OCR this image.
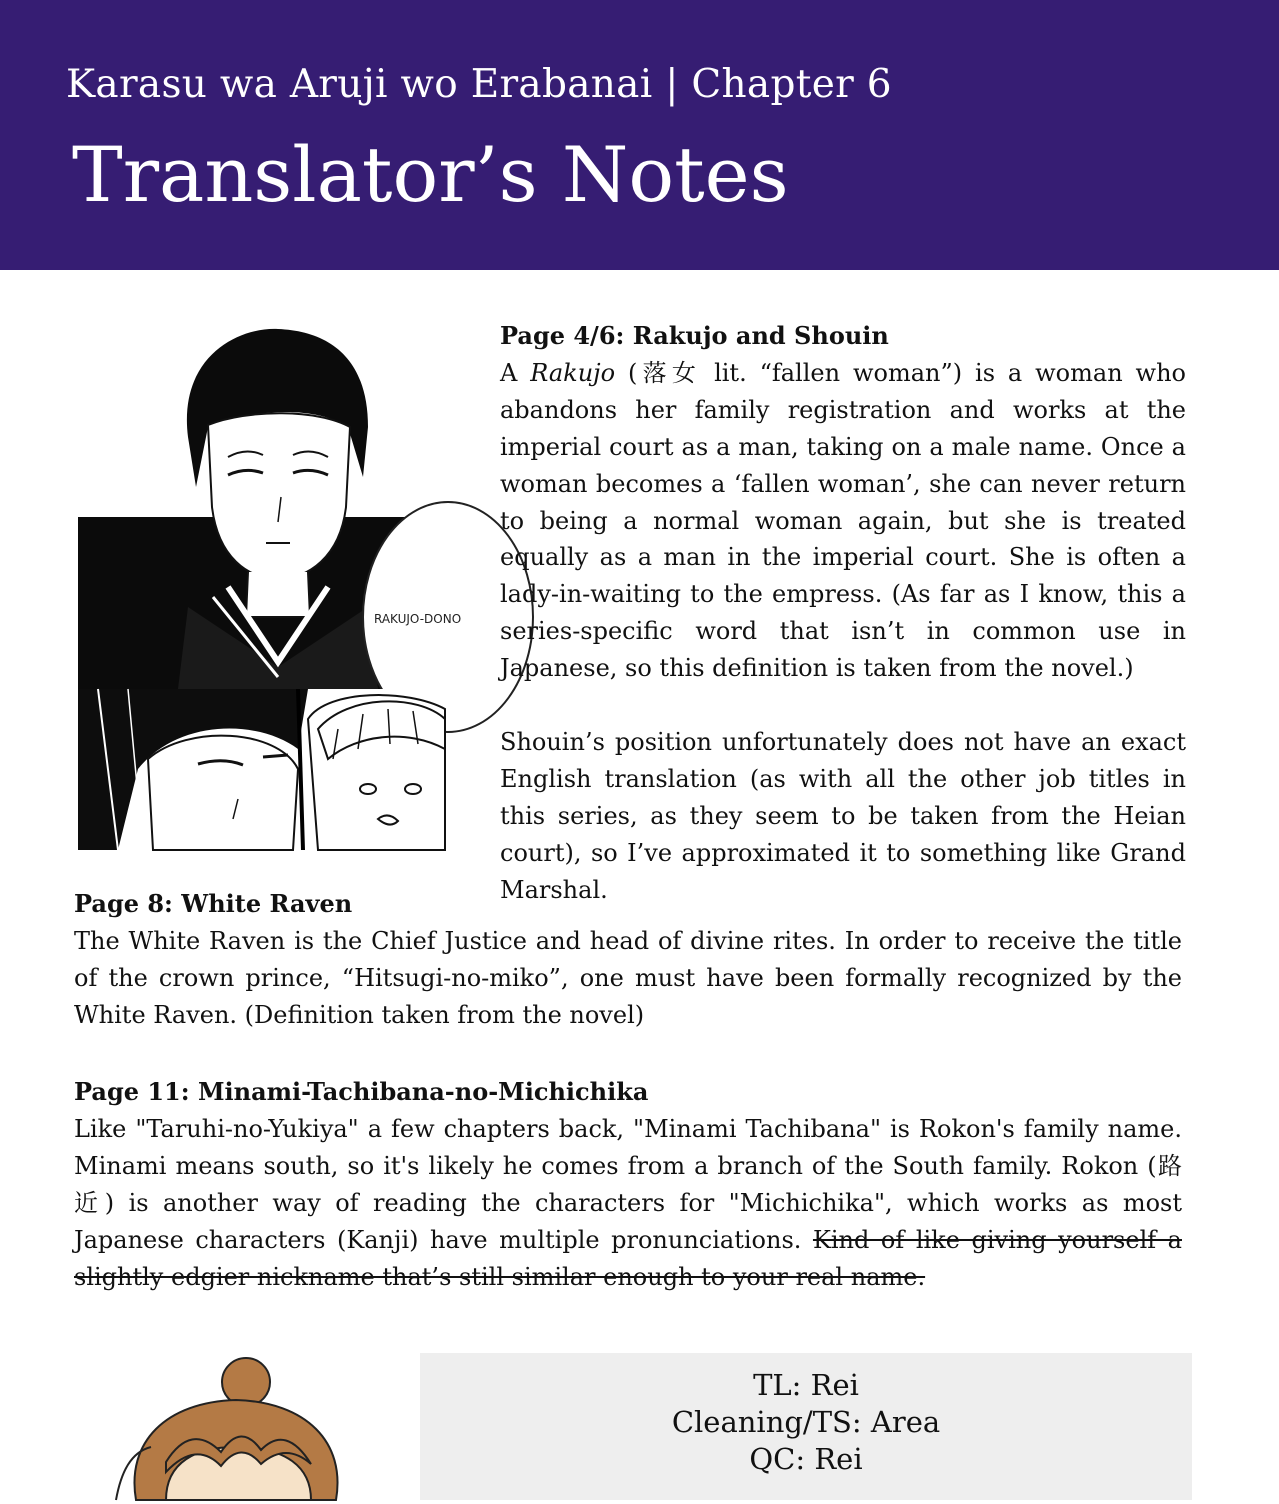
Karasu wa Aruji wo Erabanai | Chapter 6
Translator’s Notes
RAKUJO-DONO
Page 4/6: Rakujo and Shouin

A Rakujo (落女 lit. “fallen woman”) is a woman who abandons her family registration and works at the imperial court as a man, taking on a male name. Once a woman becomes a ‘fallen woman’, she can never return to being a normal woman again, but she is treated equally as a man in the imperial court. She is often a lady-in-waiting to the empress. (As far as I know, this a series-specific word that isn’t in common use in Japanese, so this definition is taken from the novel.)

Shouin’s position unfortunately does not have an exact English translation (as with all the other job titles in this series, as they seem to be taken from the Heian court), so I’ve approximated it to something like Grand Marshal.

Page 8: White Raven

The White Raven is the Chief Justice and head of divine rites. In order to receive the title of the crown prince, “Hitsugi-no-miko”, one must have been formally recognized by the White Raven. (Definition taken from the novel)

Page 11: Minami-Tachibana-no-Michichika

Like "Taruhi-no-Yukiya" a few chapters back, "Minami Tachibana" is Rokon's family name. Minami means south, so it's likely he comes from a branch of the South family. Rokon (路近) is another way of reading the characters for "Michichika", which works as most Japanese characters (Kanji) have multiple pronunciations. Kind of like giving yourself a slightly edgier nickname that’s still similar enough to your real name.

TL: Rei
Cleaning/TS: Area
QC: Rei
